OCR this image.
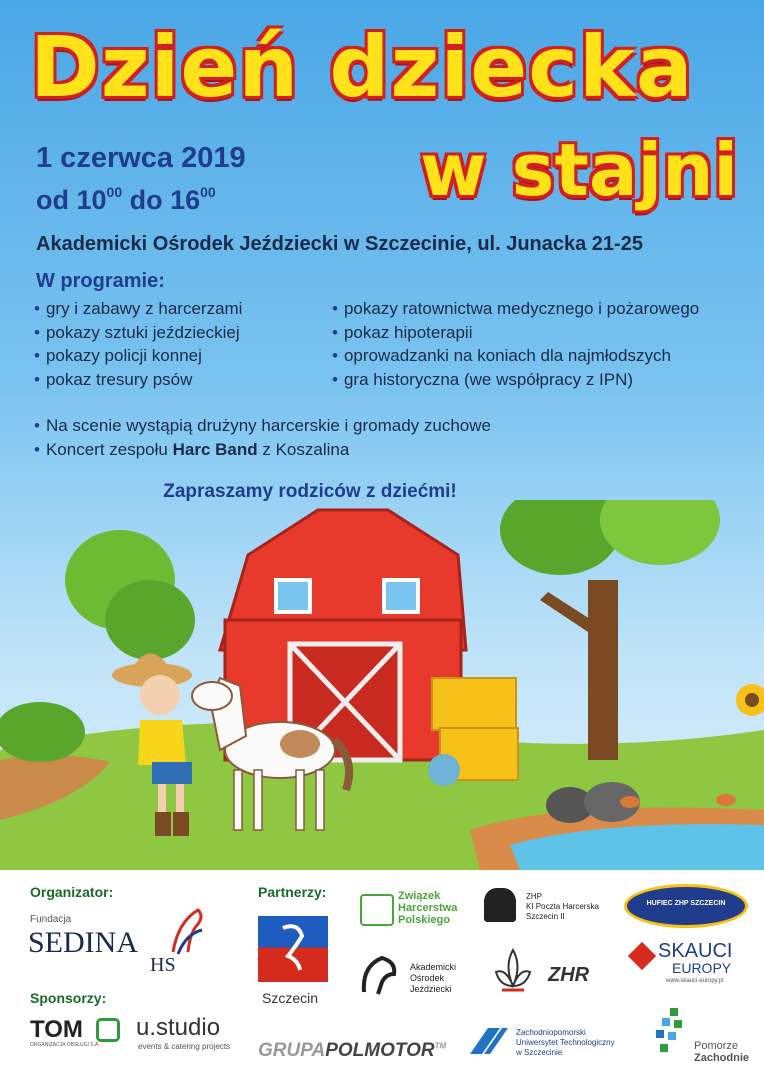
Dzień dziecka
1 czerwca 2019 w stajni
od $10^{00}$ do $16^{00}$
Akademicki Ośrodek Jeździecki w Szczecinie, ul. Junacka 21-25
W programie:
• gry i zabawy z harcerzami
• pokazy sztuki jeździeckiej
• pokazy policji konnej
• pokaz tresury psów
• pokazy ratownictwa medycznego i pożarowego
• pokaz hipoterapii
• oprowadzanki na koniach dla najmłodszych
• gra historyczna (we współpracy z IPN)
• Na scenie wystąpią drużyny harcerskie i gromady zuchowe
• Koncert zespołu Harc Band z Koszalina
Zapraszamy rodziców z dziećmi!
Organizator:
Sponsorzy:
Partnerzy:
Fundacja
SEDINA
HS
TOM
ORGANIZACJA OBSŁUGI S.A.
u.studio
events & catering projects
Szczecin
GRUPAPOLMOTOR™
Związek
Harcerstwa
Polskiego
ZHP
KI Poczta Harcerska
Szczecin II
HUFIEC ZHP SZCZECIN
Akademicki
Ośrodek
Jeździecki
ZHR
SKAUCI
EUROPY
www.skauci-europy.pl
Zachodniopomorski
Uniwersytet Technologiczny
w Szczecinie
Pomorze
Zachodnie
